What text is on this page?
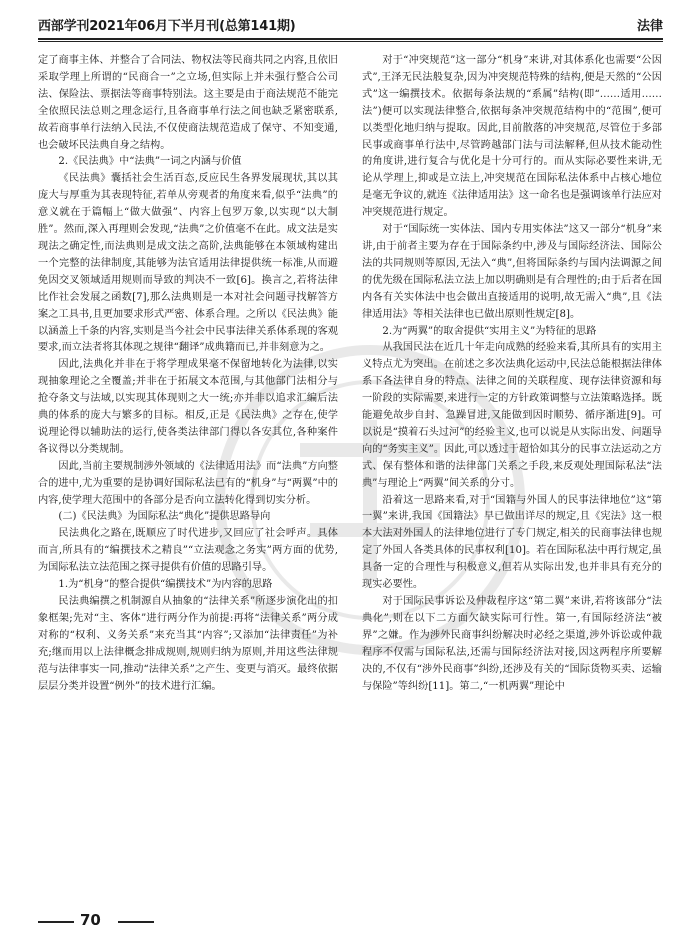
西部学刊2021年06月下半月刊(总第141期)	法律

定了商事主体、并整合了合同法、物权法等民商共同之内容,且依旧采取学理上所谓的“民商合一”之立场,但实际上并未强行整合公司法、保险法、票据法等商事特别法。这主要是由于商法规范不能完全依照民法总则之理念运行,且各商事单行法之间也缺乏紧密联系,故若商事单行法纳入民法,不仅使商法规范造成了保守、不知变通,也会破坏民法典自身之结构。

2.《民法典》中“法典”一词之内涵与价值

《民法典》囊括社会生活百态,反应民生各界发展现状,其以其庞大与厚重为其表现特征,若单从旁观者的角度来看,似乎“法典”的意义就在于篇幅上“做大做强”、内容上包罗万象,以实现“以大制胜”。然而,深入再理则会发现,“法典”之价值毫不在此。成文法是实现法之确定性,而法典则是成文法之高阶,法典能够在本领域构建出一个完整的法律制度,其能够为法官适用法律提供统一标准,从而避免因交叉领域适用规则而导致的判决不一致[6]。换言之,若将法律比作社会发展之函数[7],那么法典则是一本对社会问题寻找解答方案之工具书,且更加要求形式严密、体系合理。之所以《民法典》能以涵盖上千条的内容,实则是当今社会中民事法律关系体系现的客观要求,而立法者将其体现之规律“翻译”成典籍而已,并非刻意为之。

因此,法典化并非在于将学理成果毫不保留地转化为法律,以实现抽象理论之全覆盖;并非在于拓展文本范围,与其他部门法相分与抢夺条文与法域,以实现其体现则之大一统;亦并非以追求汇编后法典的体系的庞大与繁多的目标。相反,正是《民法典》之存在,使学说理论得以辅助法的运行,使各类法律部门得以各安其位,各种案件各议得以分类规制。

因此,当前主要规制涉外领域的《法律适用法》而“法典”方向整合的进中,尤为重要的是协调好国际私法已有的“机身”与“两翼”中的内容,使学理大范围中的各部分是否向立法转化得到切实分析。

(二)《民法典》为国际私法“典化”提供思路导向

民法典化之路在,既顺应了时代进步,又回应了社会呼声。具体而言,所具有的“编撰技术之精良”“立法观念之务实”两方面的优势,为国际私法立法范围之探寻提供有价值的思路引导。

1.为“机身”的整合提供“编撰技术”为内容的思路

民法典编撰之机制源自从抽象的“法律关系”所逐步演化出的扣象框架;先对“主、客体”进行两分作为前提:再将“法律关系”两分成对称的“权利、义务关系”来充当其“内容”;又添加“法律责任”为补充;继而用以上法律概念排成规则,规则归纳为原则,并用这些法律规范与法律事实一同,推动“法律关系”之产生、变更与消灭。最终依据层层分类并设置“例外”的技术进行汇编。

对于“冲突规范”这一部分“机身”来讲,对其体系化也需要“公因式”,王泽无民法般复杂,因为冲突规范特殊的结构,便是天然的“公因式”这一编撰技术。依据每条法规的“系属”结构(即“……适用……法”)便可以实现法律整合,依据每条冲突规范结构中的“范围”,便可以类型化地归纳与提取。因此,目前散落的冲突规范,尽管位于多部民事或商事单行法中,尽管跨越部门法与司法解释,但从技术能动性的角度讲,进行复合与优化是十分可行的。而从实际必要性来讲,无论从学理上,抑或是立法上,冲突规范在国际私法体系中占核心地位是毫无争议的,就连《法律适用法》这一命名也是强调该单行法应对冲突规范进行规定。

对于“国际统一实体法、国内专用实体法”这又一部分“机身”来讲,由于前者主要为存在于国际条约中,涉及与国际经济法、国际公法的共同规则等原因,无法入“典”,但将国际条约与国内法调源之间的优先级在国际私法立法上加以明确则是有合理性的;由于后者在国内各有关实体法中也会做出直接适用的说明,故无需入“典”,且《法律适用法》等相关法律也已做出原则性规定[8]。

2.为“两翼”的取舍提供“实用主义”为特征的思路

从我国民法在近几十年走向成熟的经验来看,其所具有的实用主义特点尤为突出。在前述之多次法典化运动中,民法总能根据法律体系下各法律自身的特点、法律之间的关联程度、现存法律资源和每一阶段的实际需要,来进行一定的方针政策调整与立法策略选择。既能避免故步自封、急躁冒进,又能做到因时顺势、循序渐进[9]。可以说是“摸着石头过河”的经验主义,也可以说是从实际出发、问题导向的“务实主义”。因此,可以透过于超恰如其分的民事立法运动之方式、保有整体和谐的法律部门关系之手段,来反观处理国际私法“法典”与理论上“两翼”间关系的分寸。

沿着这一思路来看,对于“国籍与外国人的民事法律地位”这“第一翼”来讲,我国《国籍法》早已做出详尽的规定,且《宪法》这一根本大法对外国人的法律地位进行了专门规定,相关的民商事法律也规定了外国人各类具体的民事权利[10]。若在国际私法中再行规定,虽具备一定的合理性与积极意义,但若从实际出发,也并非具有充分的现实必要性。

对于国际民事诉讼及仲裁程序这“第二翼”来讲,若将该部分“法典化”,则在以下二方面欠缺实际可行性。第一,有国际经济法“被界”之嫌。作为涉外民商事纠纷解决时必经之渠道,涉外诉讼或仲裁程序不仅需与国际私法,还需与国际经济法对接,因这两程序所要解决的,不仅有“涉外民商事”纠纷,还涉及有关的“国际货物买卖、运输与保险”等纠纷[11]。第二,“一机两翼”理论中

70
